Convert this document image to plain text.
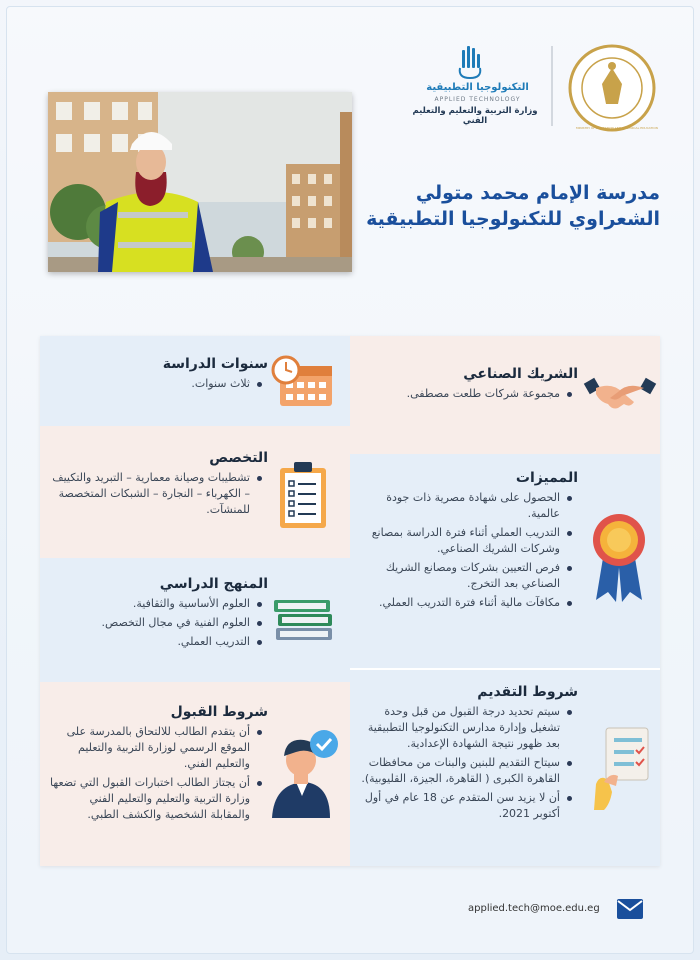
التكنولوجيا التطبيقية
APPLIED TECHNOLOGY
وزارة التربية والتعليم والتعليم الفني
MINISTRY OF EDUCATION AND TECHNICAL EDUCATION
مدرسة الإمام محمد متولي
الشعراوي للتكنولوجيا التطبيقية
الشريك الصناعي
مجموعة شركات طلعت مصطفى.
المميزات
الحصول على شهادة مصرية ذات جودة عالمية.
التدريب العملي أثناء فترة الدراسة بمصانع وشركات الشريك الصناعي.
فرص التعيين بشركات ومصانع الشريك الصناعي بعد التخرج.
مكافآت مالية أثناء فترة التدريب العملي.
شروط التقديم
سيتم تحديد درجة القبول من قبل وحدة تشغيل وإدارة مدارس التكنولوجيا التطبيقية بعد ظهور نتيجة الشهادة الإعدادية.
سيتاح التقديم للبنين والبنات من محافظات القاهرة الكبرى ( القاهرة، الجيزة، القليوبية).
أن لا يزيد سن المتقدم عن 18 عام في أول أكتوبر 2021.
سنوات الدراسة
ثلاث سنوات.
التخصص
تشطيبات وصيانة معمارية – التبريد والتكييف – الكهرباء – النجارة – الشبكات المتخصصة للمنشآت.
المنهج الدراسي
العلوم الأساسية والثقافية.
العلوم الفنية في مجال التخصص.
التدريب العملي.
شروط القبول
أن يتقدم الطالب للالتحاق بالمدرسة على الموقع الرسمي لوزارة التربية والتعليم والتعليم الفني.
أن يجتاز الطالب اختبارات القبول التي تضعها وزارة التربية والتعليم والتعليم الفني والمقابلة الشخصية والكشف الطبي.
applied.tech@moe.edu.eg
